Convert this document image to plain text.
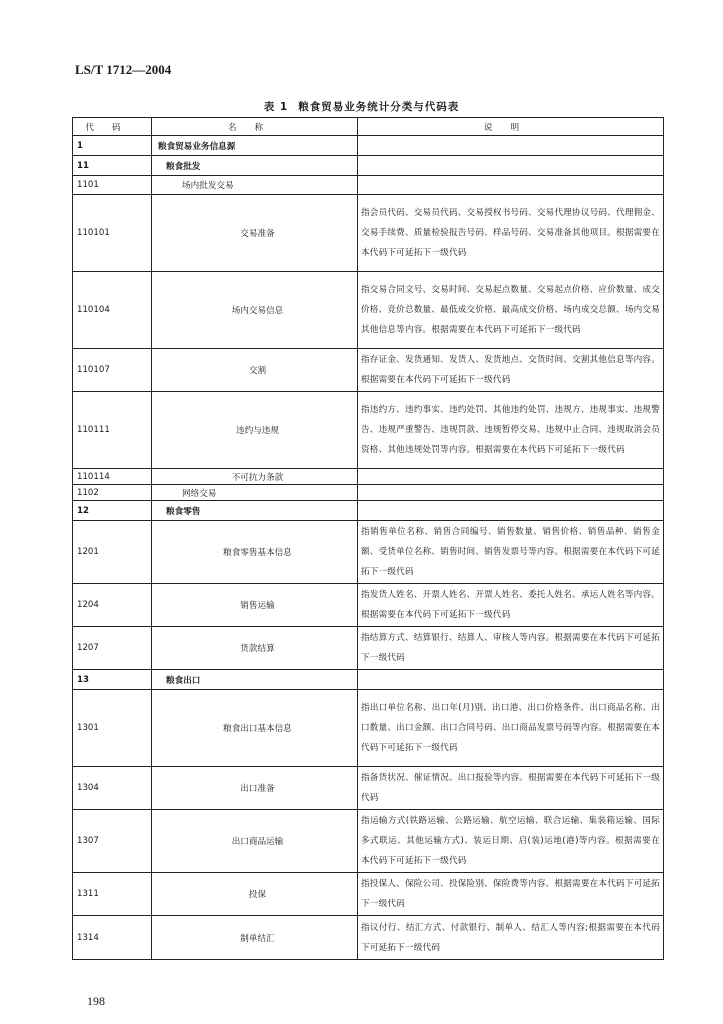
LS/T 1712—2004
表 1 粮食贸易业务统计分类与代码表
代码	名称	说明
1	粮食贸易业务信息源	
11	粮食批发	
1101	场内批发交易	
110101	交易准备	指会员代码、交易员代码、交易授权书号码、交易代理协议号码、代理佣金、交易手续费、质量检验报告号码、样品号码、交易准备其他项目。根据需要在本代码下可延拓下一级代码
110104	场内交易信息	指交易合同文号、交易时间、交易起点数量、交易起点价格、应价数量、成交价格、竞价总数量、最低成交价格、最高成交价格、场内成交总额、场内交易其他信息等内容。根据需要在本代码下可延拓下一级代码
110107	交割	指存证金、发货通知、发货人、发货地点、交货时间、交割其他信息等内容。根据需要在本代码下可延拓下一级代码
110111	违约与违规	指违约方、违约事实、违约处罚、其他违约处罚、违规方、违规事实、违规警告、违规严重警告、违规罚款、违规暂停交易、违规中止合同、违规取消会员资格、其他违规处罚等内容。根据需要在本代码下可延拓下一级代码
110114	不可抗力条款	
1102	网络交易	
12	粮食零售	
1201	粮食零售基本信息	指销售单位名称、销售合同编号、销售数量、销售价格、销售品种、销售金额、受货单位名称、销售时间、销售发票号等内容。根据需要在本代码下可延拓下一级代码
1204	销售运输	指发货人姓名、开票人姓名、开票人姓名、委托人姓名、承运人姓名等内容。根据需要在本代码下可延拓下一级代码
1207	货款结算	指结算方式、结算银行、结算人、审核人等内容。根据需要在本代码下可延拓下一级代码
13	粮食出口	
1301	粮食出口基本信息	指出口单位名称、出口年(月)别、出口港、出口价格条件、出口商品名称、出口数量、出口金额、出口合同号码、出口商品发票号码等内容。根据需要在本代码下可延拓下一级代码
1304	出口准备	指备货状况、催证情况、出口报验等内容。根据需要在本代码下可延拓下一级代码
1307	出口商品运输	指运输方式(铁路运输、公路运输、航空运输、联合运输、集装箱运输、国际多式联运、其他运输方式)、装运日期、启(装)运地(港)等内容。根据需要在本代码下可延拓下一级代码
1311	投保	指投保人、保险公司、投保险别、保险费等内容。根据需要在本代码下可延拓下一级代码
1314	制单结汇	指议付行、结汇方式、付款银行、制单人、结汇人等内容;根据需要在本代码下可延拓下一级代码
198
